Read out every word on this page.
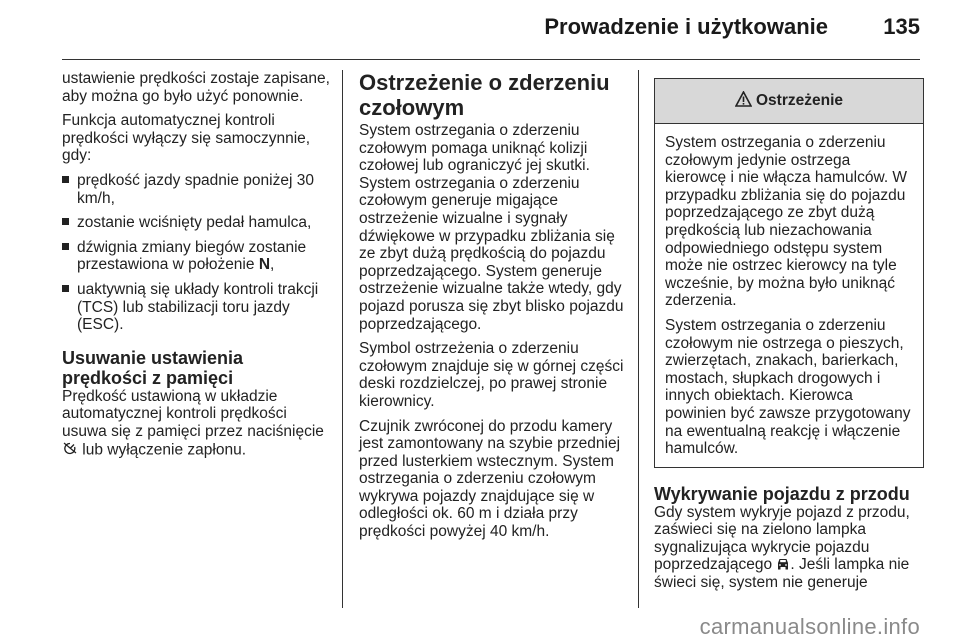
Prowadzenie i użytkowanie	135

ustawienie prędkości zostaje zapisane, aby można go było użyć ponownie.

Funkcja automatycznej kontroli prędkości wyłączy się samoczynnie, gdy:

prędkość jazdy spadnie poniżej 30 km/h,
zostanie wciśnięty pedał hamulca,
dźwignia zmiany biegów zostanie przestawiona w położenie N,
uaktywnią się układy kontroli trakcji (TCS) lub stabilizacji toru jazdy (ESC).
Usuwanie ustawienia prędkości z pamięci

Prędkość ustawioną w układzie automatycznej kontroli prędkości usuwa się z pamięci przez naciśnięcie  lub wyłączenie zapłonu.

Ostrzeżenie o zderzeniu czołowym

System ostrzegania o zderzeniu czołowym pomaga uniknąć kolizji czołowej lub ograniczyć jej skutki. System ostrzegania o zderzeniu czołowym generuje migające ostrzeżenie wizualne i sygnały dźwiękowe w przypadku zbliżania się ze zbyt dużą prędkością do pojazdu poprzedzającego. System generuje ostrzeżenie wizualne także wtedy, gdy pojazd porusza się zbyt blisko pojazdu poprzedzającego.

Symbol ostrzeżenia o zderzeniu czołowym znajduje się w górnej części deski rozdzielczej, po prawej stronie kierownicy.

Czujnik zwróconej do przodu kamery jest zamontowany na szybie przedniej przed lusterkiem wstecznym. System ostrzegania o zderzeniu czołowym wykrywa pojazdy znajdujące się w odległości ok. 60 m i działa przy prędkości powyżej 40 km/h.

Ostrzeżenie

System ostrzegania o zderzeniu czołowym jedynie ostrzega kierowcę i nie włącza hamulców. W przypadku zbliżania się do pojazdu poprzedzającego ze zbyt dużą prędkością lub niezachowania odpowiedniego odstępu system może nie ostrzec kierowcy na tyle wcześnie, by można było uniknąć zderzenia.

System ostrzegania o zderzeniu czołowym nie ostrzega o pieszych, zwierzętach, znakach, barierkach, mostach, słupkach drogowych i innych obiektach. Kierowca powinien być zawsze przygotowany na ewentualną reakcję i włączenie hamulców.

Wykrywanie pojazdu z przodu

Gdy system wykryje pojazd z przodu, zaświeci się na zielono lampka sygnalizująca wykrycie pojazdu poprzedzającego . Jeśli lampka nie świeci się, system nie generuje

carmanualsonline.info
